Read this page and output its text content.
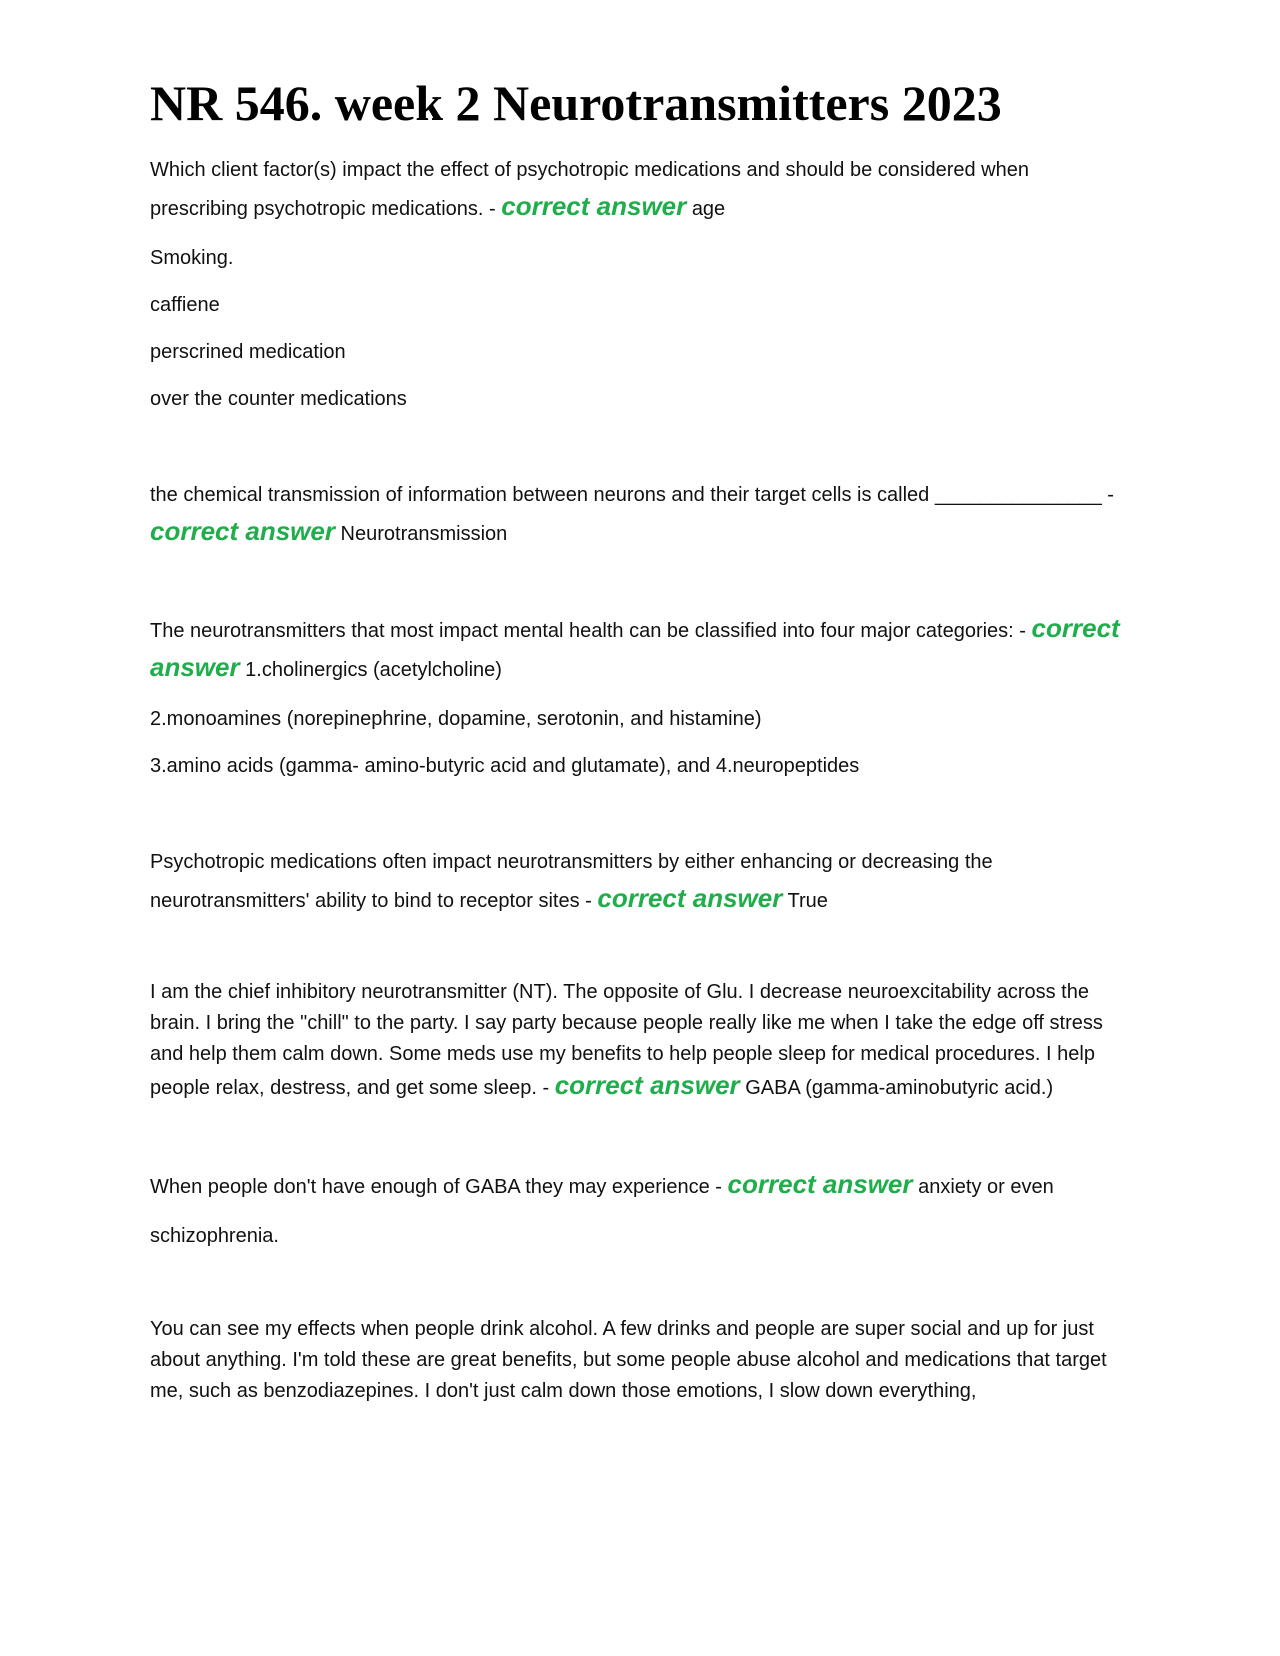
NR 546. week 2 Neurotransmitters 2023
Which client factor(s) impact the effect of psychotropic medications and should be considered when prescribing psychotropic medications. - correct answer age
Smoking.
caffiene
perscrined medication
over the counter medications
the chemical transmission of information between neurons and their target cells is called _______________ - correct answer Neurotransmission
The neurotransmitters that most impact mental health can be classified into four major categories: - correct answer 1.cholinergics (acetylcholine)
2.monoamines (norepinephrine, dopamine, serotonin, and histamine)
3.amino acids (gamma- amino-butyric acid and glutamate), and 4.neuropeptides
Psychotropic medications often impact neurotransmitters by either enhancing or decreasing the neurotransmitters' ability to bind to receptor sites - correct answer True
I am the chief inhibitory neurotransmitter (NT). The opposite of Glu. I decrease neuroexcitability across the brain. I bring the "chill" to the party. I say party because people really like me when I take the edge off stress and help them calm down. Some meds use my benefits to help people sleep for medical procedures. I help people relax, destress, and get some sleep. - correct answer GABA (gamma-aminobutyric acid.)
When people don't have enough of GABA they may experience - correct answer anxiety or even
schizophrenia.
You can see my effects when people drink alcohol. A few drinks and people are super social and up for just about anything. I'm told these are great benefits, but some people abuse alcohol and medications that target me, such as benzodiazepines. I don't just calm down those emotions, I slow down everything,
